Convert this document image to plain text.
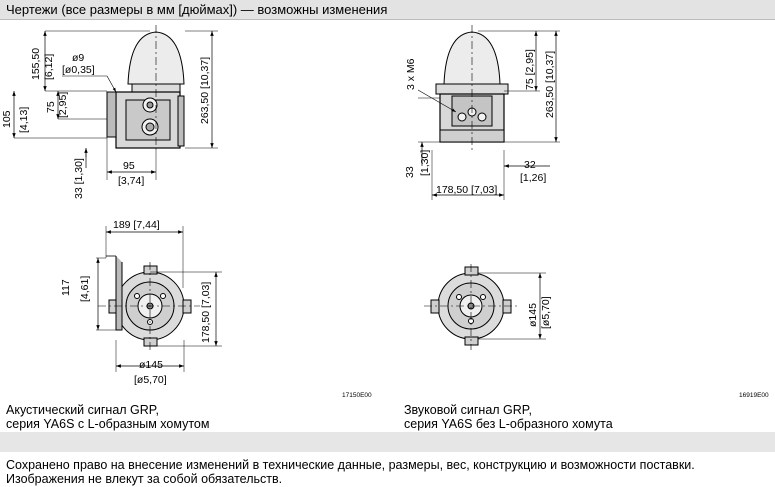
Чертежи (все размеры в мм [дюймах]) — возможны изменения
155,50 [6,12] ø9
[ø0,35]
105 [4,13] 75 [2,95]	263,50 [10,37]
95
[3,74]
33 [1,30]
189 [7,44]
117 [4,61]	178,50 [7,03]
ø145
[ø5,70]
17150E00
3 x M6	75 [2,95] 263,50 [10,37]
33 [1,30]	32
[1,26]
178,50 [7,03]
ø145 [ø5,70]
16919E00
Акустический сигнал GRP,
серия YA6S с L-образным хомутом
Звуковой сигнал GRP,
серия YA6S без L-образного хомута
Сохранено право на внесение изменений в технические данные, размеры, вес, конструкцию и возможности поставки.
Изображения не влекут за собой обязательств.
